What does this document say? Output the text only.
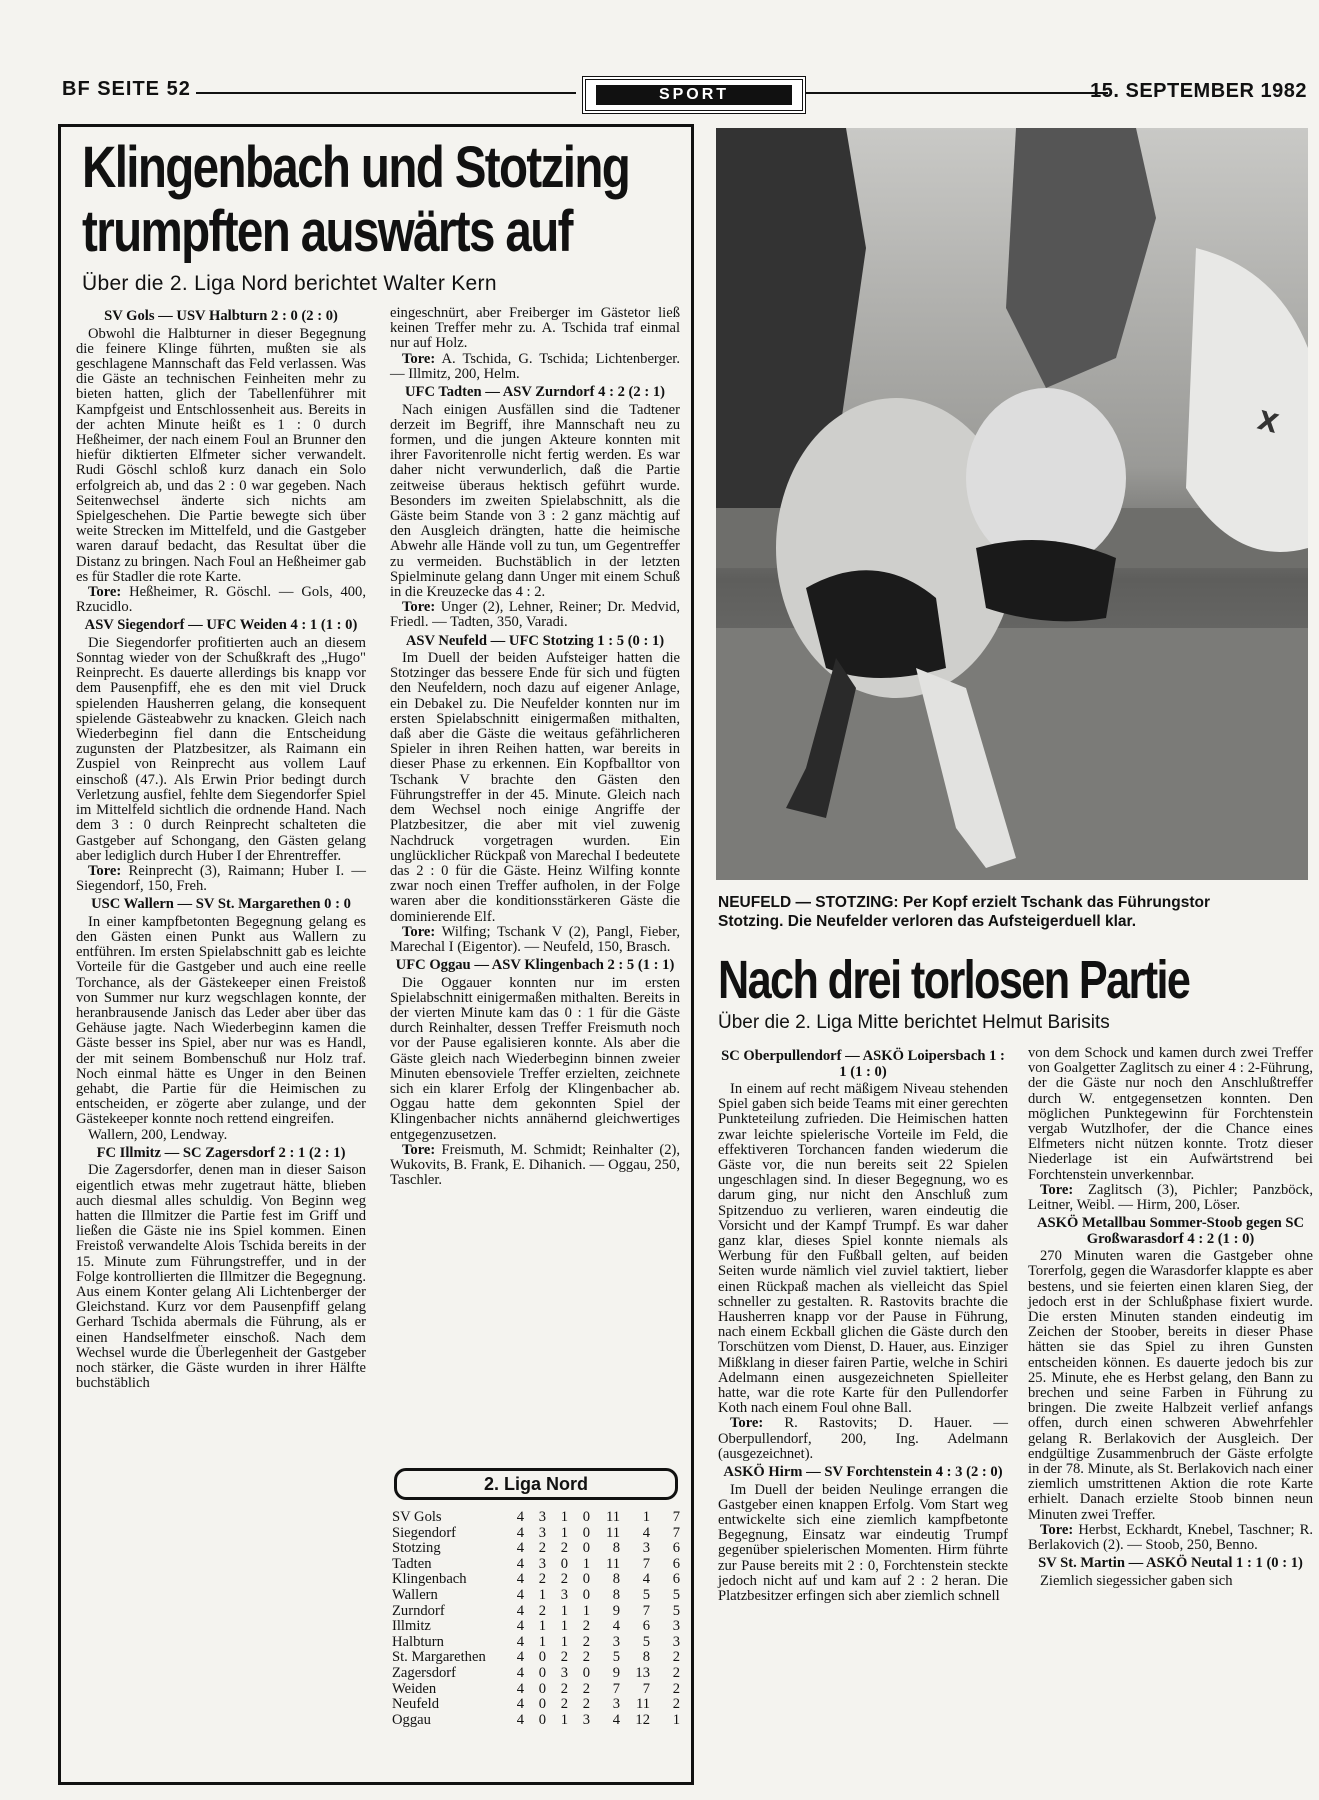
BF SEITE 52	SPORT	15. SEPTEMBER 1982
Klingenbach und Stotzing
trumpften auswärts auf
Über die 2. Liga Nord berichtet Walter Kern
SV Gols — USV Halbturn 2 : 0 (2 : 0)

Obwohl die Halbturner in dieser Begegnung die feinere Klinge führten, mußten sie als geschlagene Mannschaft das Feld verlassen. Was die Gäste an technischen Feinheiten mehr zu bieten hatten, glich der Tabellenführer mit Kampfgeist und Entschlossenheit aus. Bereits in der achten Minute heißt es 1 : 0 durch Heßheimer, der nach einem Foul an Brunner den hiefür diktierten Elfmeter sicher verwandelt. Rudi Göschl schloß kurz danach ein Solo erfolgreich ab, und das 2 : 0 war gegeben. Nach Seitenwechsel änderte sich nichts am Spielgeschehen. Die Partie bewegte sich über weite Strecken im Mittelfeld, und die Gastgeber waren darauf bedacht, das Resultat über die Distanz zu bringen. Nach Foul an Heßheimer gab es für Stadler die rote Karte.

Tore: Heßheimer, R. Göschl. — Gols, 400, Rzucidlo.

ASV Siegendorf — UFC Weiden 4 : 1 (1 : 0)

Die Siegendorfer profitierten auch an diesem Sonntag wieder von der Schußkraft des „Hugo" Reinprecht. Es dauerte allerdings bis knapp vor dem Pausenpfiff, ehe es den mit viel Druck spielenden Hausherren gelang, die konsequent spielende Gästeabwehr zu knacken. Gleich nach Wiederbeginn fiel dann die Entscheidung zugunsten der Platzbesitzer, als Raimann ein Zuspiel von Reinprecht aus vollem Lauf einschoß (47.). Als Erwin Prior bedingt durch Verletzung ausfiel, fehlte dem Siegendorfer Spiel im Mittelfeld sichtlich die ordnende Hand. Nach dem 3 : 0 durch Reinprecht schalteten die Gastgeber auf Schongang, den Gästen gelang aber lediglich durch Huber I der Ehrentreffer.

Tore: Reinprecht (3), Raimann; Huber I. — Siegendorf, 150, Freh.

USC Wallern — SV St. Margarethen 0 : 0

In einer kampfbetonten Begegnung gelang es den Gästen einen Punkt aus Wallern zu entführen. Im ersten Spielabschnitt gab es leichte Vorteile für die Gastgeber und auch eine reelle Torchance, als der Gästekeeper einen Freistoß von Summer nur kurz wegschlagen konnte, der heranbrausende Janisch das Leder aber über das Gehäuse jagte. Nach Wiederbeginn kamen die Gäste besser ins Spiel, aber nur was es Handl, der mit seinem Bombenschuß nur Holz traf. Noch einmal hätte es Unger in den Beinen gehabt, die Partie für die Heimischen zu entscheiden, er zögerte aber zulange, und der Gästekeeper konnte noch rettend eingreifen.

Wallern, 200, Lendway.

FC Illmitz — SC Zagersdorf 2 : 1 (2 : 1)

Die Zagersdorfer, denen man in dieser Saison eigentlich etwas mehr zugetraut hätte, blieben auch diesmal alles schuldig. Von Beginn weg hatten die Illmitzer die Partie fest im Griff und ließen die Gäste nie ins Spiel kommen. Einen Freistoß verwandelte Alois Tschida bereits in der 15. Minute zum Führungstreffer, und in der Folge kontrollierten die Illmitzer die Begegnung. Aus einem Konter gelang Ali Lichtenberger der Gleichstand. Kurz vor dem Pausenpfiff gelang Gerhard Tschida abermals die Führung, als er einen Handselfmeter einschoß. Nach dem Wechsel wurde die Überlegenheit der Gastgeber noch stärker, die Gäste wurden in ihrer Hälfte buchstäblich

eingeschnürt, aber Freiberger im Gästetor ließ keinen Treffer mehr zu. A. Tschida traf einmal nur auf Holz.

Tore: A. Tschida, G. Tschida; Lichtenberger. — Illmitz, 200, Helm.

UFC Tadten — ASV Zurndorf 4 : 2 (2 : 1)

Nach einigen Ausfällen sind die Tadtener derzeit im Begriff, ihre Mannschaft neu zu formen, und die jungen Akteure konnten mit ihrer Favoritenrolle nicht fertig werden. Es war daher nicht verwunderlich, daß die Partie zeitweise überaus hektisch geführt wurde. Besonders im zweiten Spielabschnitt, als die Gäste beim Stande von 3 : 2 ganz mächtig auf den Ausgleich drängten, hatte die heimische Abwehr alle Hände voll zu tun, um Gegentreffer zu vermeiden. Buchstäblich in der letzten Spielminute gelang dann Unger mit einem Schuß in die Kreuzecke das 4 : 2.

Tore: Unger (2), Lehner, Reiner; Dr. Medvid, Friedl. — Tadten, 350, Varadi.

ASV Neufeld — UFC Stotzing 1 : 5 (0 : 1)

Im Duell der beiden Aufsteiger hatten die Stotzinger das bessere Ende für sich und fügten den Neufeldern, noch dazu auf eigener Anlage, ein Debakel zu. Die Neufelder konnten nur im ersten Spielabschnitt einigermaßen mithalten, daß aber die Gäste die weitaus gefährlicheren Spieler in ihren Reihen hatten, war bereits in dieser Phase zu erkennen. Ein Kopfballtor von Tschank V brachte den Gästen den Führungstreffer in der 45. Minute. Gleich nach dem Wechsel noch einige Angriffe der Platzbesitzer, die aber mit viel zuwenig Nachdruck vorgetragen wurden. Ein unglücklicher Rückpaß von Marechal I bedeutete das 2 : 0 für die Gäste. Heinz Wilfing konnte zwar noch einen Treffer aufholen, in der Folge waren aber die konditionsstärkeren Gäste die dominierende Elf.

Tore: Wilfing; Tschank V (2), Pangl, Fieber, Marechal I (Eigentor). — Neufeld, 150, Brasch.

UFC Oggau — ASV Klingenbach 2 : 5 (1 : 1)

Die Oggauer konnten nur im ersten Spielabschnitt einigermaßen mithalten. Bereits in der vierten Minute kam das 0 : 1 für die Gäste durch Reinhalter, dessen Treffer Freismuth noch vor der Pause egalisieren konnte. Als aber die Gäste gleich nach Wiederbeginn binnen zweier Minuten ebensoviele Treffer erzielten, zeichnete sich ein klarer Erfolg der Klingenbacher ab. Oggau hatte dem gekonnten Spiel der Klingenbacher nichts annähernd gleichwertiges entgegenzusetzen.

Tore: Freismuth, M. Schmidt; Reinhalter (2), Wukovits, B. Frank, E. Dihanich. — Oggau, 250, Taschler.

2. Liga Nord
SV Gols	4	3	1	0	11	1	7
Siegendorf	4	3	1	0	11	4	7
Stotzing	4	2	2	0	8	3	6
Tadten	4	3	0	1	11	7	6
Klingenbach	4	2	2	0	8	4	6
Wallern	4	1	3	0	8	5	5
Zurndorf	4	2	1	1	9	7	5
Illmitz	4	1	1	2	4	6	3
Halbturn	4	1	1	2	3	5	3
St. Margarethen	4	0	2	2	5	8	2
Zagersdorf	4	0	3	0	9	13	2
Weiden	4	0	2	2	7	7	2
Neufeld	4	0	2	2	3	11	2
Oggau	4	0	1	3	4	12	1
X
NEUFELD — STOTZING: Per Kopf erzielt Tschank das Führungstor
Stotzing. Die Neufelder verloren das Aufsteigerduell klar.
Nach drei torlosen Partie
Über die 2. Liga Mitte berichtet Helmut Barisits
SC Oberpullendorf — ASKÖ Loipersbach 1 : 1 (1 : 0)

In einem auf recht mäßigem Niveau stehenden Spiel gaben sich beide Teams mit einer gerechten Punkteteilung zufrieden. Die Heimischen hatten zwar leichte spielerische Vorteile im Feld, die effektiveren Torchancen fanden wiederum die Gäste vor, die nun bereits seit 22 Spielen ungeschlagen sind. In dieser Begegnung, wo es darum ging, nur nicht den Anschluß zum Spitzenduo zu verlieren, waren eindeutig die Vorsicht und der Kampf Trumpf. Es war daher ganz klar, dieses Spiel konnte niemals als Werbung für den Fußball gelten, auf beiden Seiten wurde nämlich viel zuviel taktiert, lieber einen Rückpaß machen als vielleicht das Spiel schneller zu gestalten. R. Rastovits brachte die Hausherren knapp vor der Pause in Führung, nach einem Eckball glichen die Gäste durch den Torschützen vom Dienst, D. Hauer, aus. Einziger Mißklang in dieser fairen Partie, welche in Schiri Adelmann einen ausgezeichneten Spielleiter hatte, war die rote Karte für den Pullendorfer Koth nach einem Foul ohne Ball.

Tore: R. Rastovits; D. Hauer. — Oberpullendorf, 200, Ing. Adelmann (ausgezeichnet).

ASKÖ Hirm — SV Forchtenstein 4 : 3 (2 : 0)

Im Duell der beiden Neulinge errangen die Gastgeber einen knappen Erfolg. Vom Start weg entwickelte sich eine ziemlich kampfbetonte Begegnung, Einsatz war eindeutig Trumpf gegenüber spielerischen Momenten. Hirm führte zur Pause bereits mit 2 : 0, Forchtenstein steckte jedoch nicht auf und kam auf 2 : 2 heran. Die Platzbesitzer erfingen sich aber ziemlich schnell

von dem Schock und kamen durch zwei Treffer von Goalgetter Zaglitsch zu einer 4 : 2-Führung, der die Gäste nur noch den Anschlußtreffer durch W. entgegensetzen konnten. Den möglichen Punktegewinn für Forchtenstein vergab Wutzlhofer, der die Chance eines Elfmeters nicht nützen konnte. Trotz dieser Niederlage ist ein Aufwärtstrend bei Forchtenstein unverkennbar.

Tore: Zaglitsch (3), Pichler; Panzböck, Leitner, Weibl. — Hirm, 200, Löser.

ASKÖ Metallbau Sommer-Stoob gegen SC Großwarasdorf 4 : 2 (1 : 0)

270 Minuten waren die Gastgeber ohne Torerfolg, gegen die Warasdorfer klappte es aber bestens, und sie feierten einen klaren Sieg, der jedoch erst in der Schlußphase fixiert wurde. Die ersten Minuten standen eindeutig im Zeichen der Stoober, bereits in dieser Phase hätten sie das Spiel zu ihren Gunsten entscheiden können. Es dauerte jedoch bis zur 25. Minute, ehe es Herbst gelang, den Bann zu brechen und seine Farben in Führung zu bringen. Die zweite Halbzeit verlief anfangs offen, durch einen schweren Abwehrfehler gelang R. Berlakovich der Ausgleich. Der endgültige Zusammenbruch der Gäste erfolgte in der 78. Minute, als St. Berlakovich nach einer ziemlich umstrittenen Aktion die rote Karte erhielt. Danach erzielte Stoob binnen neun Minuten zwei Treffer.

Tore: Herbst, Eckhardt, Knebel, Taschner; R. Berlakovich (2). — Stoob, 250, Benno.

SV St. Martin — ASKÖ Neutal 1 : 1 (0 : 1)

Ziemlich siegessicher gaben sich
